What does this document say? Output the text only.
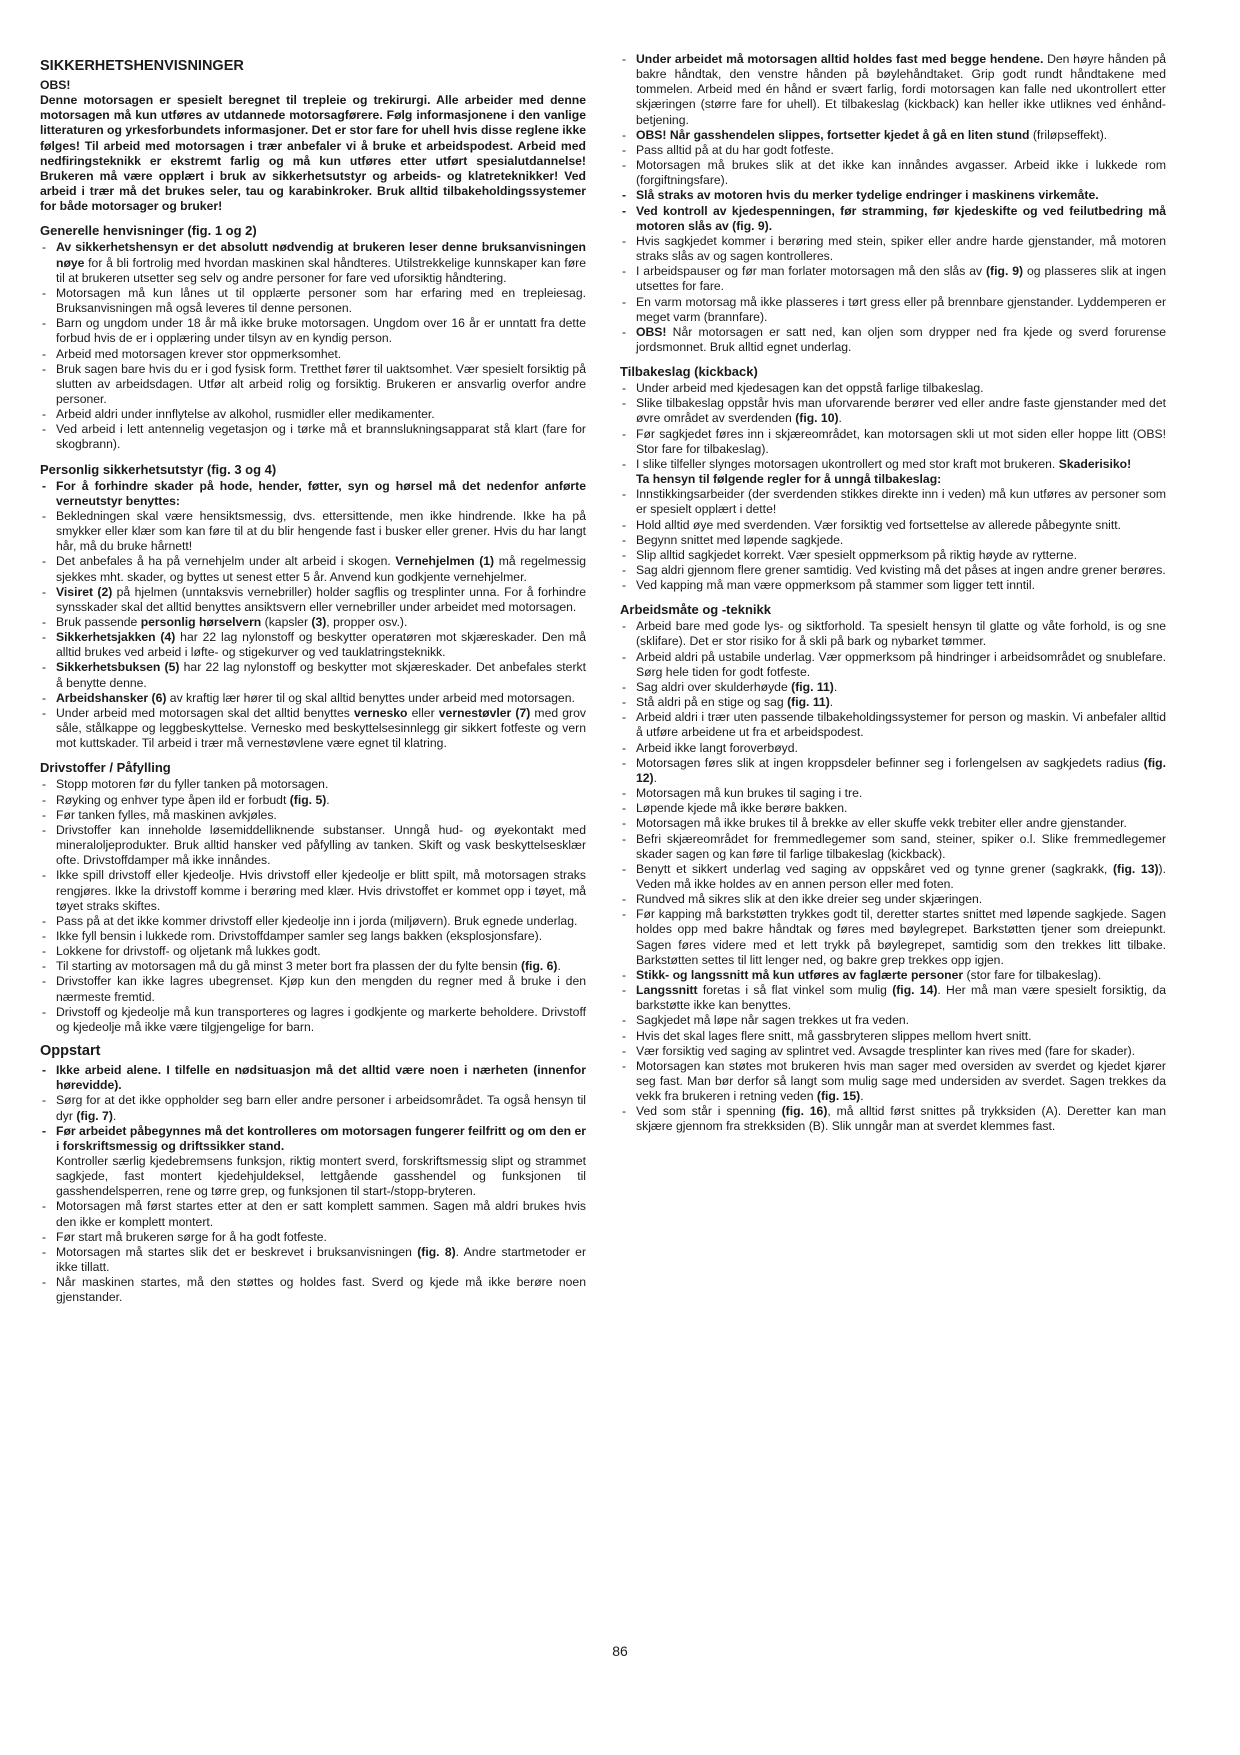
SIKKERHETSHENVISNINGER

OBS!

Denne motorsagen er spesielt beregnet til trepleie og trekirurgi. Alle arbeider med denne motorsagen må kun utføres av utdannede motorsagførere. Følg informasjonene i den vanlige litteraturen og yrkesforbundets informasjoner. Det er stor fare for uhell hvis disse reglene ikke følges! Til arbeid med motorsagen i trær anbefaler vi å bruke et arbeidspodest. Arbeid med nedfiringsteknikk er ekstremt farlig og må kun utføres etter utført spesialutdannelse! Brukeren må være opplært i bruk av sikkerhetsutstyr og arbeids- og klatreteknikker! Ved arbeid i trær må det brukes seler, tau og karabinkroker. Bruk alltid tilbakeholdingssystemer for både motorsager og bruker!

Generelle henvisninger (fig. 1 og 2)
- Av sikkerhetshensyn er det absolutt nødvendig at brukeren leser denne bruksanvisningen nøye for å bli fortrolig med hvordan maskinen skal håndteres. Utilstrekkelige kunnskaper kan føre til at brukeren utsetter seg selv og andre personer for fare ved uforsiktig håndtering.
- Motorsagen må kun lånes ut til opplærte personer som har erfaring med en trepleiesag. Bruksanvisningen må også leveres til denne personen.
- Barn og ungdom under 18 år må ikke bruke motorsagen. Ungdom over 16 år er unntatt fra dette forbud hvis de er i opplæring under tilsyn av en kyndig person.
- Arbeid med motorsagen krever stor oppmerksomhet.
- Bruk sagen bare hvis du er i god fysisk form. Tretthet fører til uaktsomhet. Vær spesielt forsiktig på slutten av arbeidsdagen. Utfør alt arbeid rolig og forsiktig. Brukeren er ansvarlig overfor andre personer.
- Arbeid aldri under innflytelse av alkohol, rusmidler eller medikamenter.
- Ved arbeid i lett antennelig vegetasjon og i tørke må et brannslukningsapparat stå klart (fare for skogbrann).
Personlig sikkerhetsutstyr (fig. 3 og 4)
- For å forhindre skader på hode, hender, føtter, syn og hørsel må det nedenfor anførte verneutstyr benyttes:
- Bekledningen skal være hensiktsmessig, dvs. ettersittende, men ikke hindrende. Ikke ha på smykker eller klær som kan føre til at du blir hengende fast i busker eller grener. Hvis du har langt hår, må du bruke hårnett!
- Det anbefales å ha på vernehjelm under alt arbeid i skogen. Vernehjelmen (1) må regelmessig sjekkes mht. skader, og byttes ut senest etter 5 år. Anvend kun godkjente vernehjelmer.
- Visiret (2) på hjelmen (unntaksvis vernebriller) holder sagflis og tresplinter unna. For å forhindre synsskader skal det alltid benyttes ansiktsvern eller vernebriller under arbeidet med motorsagen.
- Bruk passende personlig hørselvern (kapsler (3), propper osv.).
- Sikkerhetsjakken (4) har 22 lag nylonstoff og beskytter operatøren mot skjæreskader. Den må alltid brukes ved arbeid i løfte- og stigekurver og ved tauklatringsteknikk.
- Sikkerhetsbuksen (5) har 22 lag nylonstoff og beskytter mot skjæreskader. Det anbefales sterkt å benytte denne.
- Arbeidshansker (6) av kraftig lær hører til og skal alltid benyttes under arbeid med motorsagen.
- Under arbeid med motorsagen skal det alltid benyttes vernesko eller vernestøvler (7) med grov såle, stålkappe og leggbeskyttelse. Vernesko med beskyttelsesinnlegg gir sikkert fotfeste og vern mot kuttskader. Til arbeid i trær må vernestøvlene være egnet til klatring.
Drivstoffer / Påfylling
- Stopp motoren før du fyller tanken på motorsagen.
- Røyking og enhver type åpen ild er forbudt (fig. 5).
- Før tanken fylles, må maskinen avkjøles.
- Drivstoffer kan inneholde løsemiddelliknende substanser. Unngå hud- og øyekontakt med mineraloljeprodukter. Bruk alltid hansker ved påfylling av tanken. Skift og vask beskyttelsesklær ofte. Drivstoffdamper må ikke innåndes.
- Ikke spill drivstoff eller kjedeolje. Hvis drivstoff eller kjedeolje er blitt spilt, må motorsagen straks rengjøres. Ikke la drivstoff komme i berøring med klær. Hvis drivstoffet er kommet opp i tøyet, må tøyet straks skiftes.
- Pass på at det ikke kommer drivstoff eller kjedeolje inn i jorda (miljøvern). Bruk egnede underlag.
- Ikke fyll bensin i lukkede rom. Drivstoffdamper samler seg langs bakken (eksplosjonsfare).
- Lokkene for drivstoff- og oljetank må lukkes godt.
- Til starting av motorsagen må du gå minst 3 meter bort fra plassen der du fylte bensin (fig. 6).
- Drivstoffer kan ikke lagres ubegrenset. Kjøp kun den mengden du regner med å bruke i den nærmeste fremtid.
- Drivstoff og kjedeolje må kun transporteres og lagres i godkjente og markerte beholdere. Drivstoff og kjedeolje må ikke være tilgjengelige for barn.
Oppstart
- Ikke arbeid alene. I tilfelle en nødsituasjon må det alltid være noen i nærheten (innenfor hørevidde).
- Sørg for at det ikke oppholder seg barn eller andre personer i arbeidsområdet. Ta også hensyn til dyr (fig. 7).
- Før arbeidet påbegynnes må det kontrolleres om motorsagen fungerer feilfritt og om den er i forskriftsmessig og driftssikker stand.

Kontroller særlig kjedebremsens funksjon, riktig montert sverd, forskriftsmessig slipt og strammet sagkjede, fast montert kjedehjuldeksel, lettgående gasshendel og funksjonen til gasshendelsperren, rene og tørre grep, og funksjonen til start-/stopp-bryteren.

- Motorsagen må først startes etter at den er satt komplett sammen. Sagen må aldri brukes hvis den ikke er komplett montert.
- Før start må brukeren sørge for å ha godt fotfeste.
- Motorsagen må startes slik det er beskrevet i bruksanvisningen (fig. 8). Andre startmetoder er ikke tillatt.
- Når maskinen startes, må den støttes og holdes fast. Sverd og kjede må ikke berøre noen gjenstander.
- Under arbeidet må motorsagen alltid holdes fast med begge hendene. Den høyre hånden på bakre håndtak, den venstre hånden på bøylehåndtaket. Grip godt rundt håndtakene med tommelen. Arbeid med én hånd er svært farlig, fordi motorsagen kan falle ned ukontrollert etter skjæringen (større fare for uhell). Et tilbakeslag (kickback) kan heller ikke utliknes ved énhånd-betjening.
- OBS! Når gasshendelen slippes, fortsetter kjedet å gå en liten stund (friløpseffekt).
- Pass alltid på at du har godt fotfeste.
- Motorsagen må brukes slik at det ikke kan innåndes avgasser. Arbeid ikke i lukkede rom (forgiftningsfare).
- Slå straks av motoren hvis du merker tydelige endringer i maskinens virkemåte.
- Ved kontroll av kjedespenningen, før stramming, før kjedeskifte og ved feilutbedring må motoren slås av (fig. 9).
- Hvis sagkjedet kommer i berøring med stein, spiker eller andre harde gjenstander, må motoren straks slås av og sagen kontrolleres.
- I arbeidspauser og før man forlater motorsagen må den slås av (fig. 9) og plasseres slik at ingen utsettes for fare.
- En varm motorsag må ikke plasseres i tørt gress eller på brennbare gjenstander. Lyddemperen er meget varm (brannfare).
- OBS! Når motorsagen er satt ned, kan oljen som drypper ned fra kjede og sverd forurense jordsmonnet. Bruk alltid egnet underlag.
Tilbakeslag (kickback)
- Under arbeid med kjedesagen kan det oppstå farlige tilbakeslag.
- Slike tilbakeslag oppstår hvis man uforvarende berører ved eller andre faste gjenstander med det øvre området av sverdenden (fig. 10).
- Før sagkjedet føres inn i skjæreområdet, kan motorsagen skli ut mot siden eller hoppe litt (OBS! Stor fare for tilbakeslag).
- I slike tilfeller slynges motorsagen ukontrollert og med stor kraft mot brukeren. Skaderisiko!

Ta hensyn til følgende regler for å unngå tilbakeslag:

- Innstikkingsarbeider (der sverdenden stikkes direkte inn i veden) må kun utføres av personer som er spesielt opplært i dette!
- Hold alltid øye med sverdenden. Vær forsiktig ved fortsettelse av allerede påbegynte snitt.
- Begynn snittet med løpende sagkjede.
- Slip alltid sagkjedet korrekt. Vær spesielt oppmerksom på riktig høyde av rytterne.
- Sag aldri gjennom flere grener samtidig. Ved kvisting må det påses at ingen andre grener berøres.
- Ved kapping må man være oppmerksom på stammer som ligger tett inntil.
Arbeidsmåte og -teknikk
- Arbeid bare med gode lys- og siktforhold. Ta spesielt hensyn til glatte og våte forhold, is og sne (sklifare). Det er stor risiko for å skli på bark og nybarket tømmer.
- Arbeid aldri på ustabile underlag. Vær oppmerksom på hindringer i arbeidsområdet og snublefare. Sørg hele tiden for godt fotfeste.
- Sag aldri over skulderhøyde (fig. 11).
- Stå aldri på en stige og sag (fig. 11).
- Arbeid aldri i trær uten passende tilbakeholdingssystemer for person og maskin. Vi anbefaler alltid å utføre arbeidene ut fra et arbeidspodest.
- Arbeid ikke langt foroverbøyd.
- Motorsagen føres slik at ingen kroppsdeler befinner seg i forlengelsen av sagkjedets radius (fig. 12).
- Motorsagen må kun brukes til saging i tre.
- Løpende kjede må ikke berøre bakken.
- Motorsagen må ikke brukes til å brekke av eller skuffe vekk trebiter eller andre gjenstander.
- Befri skjæreområdet for fremmedlegemer som sand, steiner, spiker o.l. Slike fremmedlegemer skader sagen og kan føre til farlige tilbakeslag (kickback).
- Benytt et sikkert underlag ved saging av oppskåret ved og tynne grener (sagkrakk, (fig. 13)). Veden må ikke holdes av en annen person eller med foten.
- Rundved må sikres slik at den ikke dreier seg under skjæringen.
- Før kapping må barkstøtten trykkes godt til, deretter startes snittet med løpende sagkjede. Sagen holdes opp med bakre håndtak og føres med bøylegrepet. Barkstøtten tjener som dreiepunkt. Sagen føres videre med et lett trykk på bøylegrepet, samtidig som den trekkes litt tilbake. Barkstøtten settes til litt lenger ned, og bakre grep trekkes opp igjen.
- Stikk- og langssnitt må kun utføres av faglærte personer (stor fare for tilbakeslag).
- Langssnitt foretas i så flat vinkel som mulig (fig. 14). Her må man være spesielt forsiktig, da barkstøtte ikke kan benyttes.
- Sagkjedet må løpe når sagen trekkes ut fra veden.
- Hvis det skal lages flere snitt, må gassbryteren slippes mellom hvert snitt.
- Vær forsiktig ved saging av splintret ved. Avsagde tresplinter kan rives med (fare for skader).
- Motorsagen kan støtes mot brukeren hvis man sager med oversiden av sverdet og kjedet kjører seg fast. Man bør derfor så langt som mulig sage med undersiden av sverdet. Sagen trekkes da vekk fra brukeren i retning veden (fig. 15).
- Ved som står i spenning (fig. 16), må alltid først snittes på trykksiden (A). Deretter kan man skjære gjennom fra strekksiden (B). Slik unngår man at sverdet klemmes fast.
86
